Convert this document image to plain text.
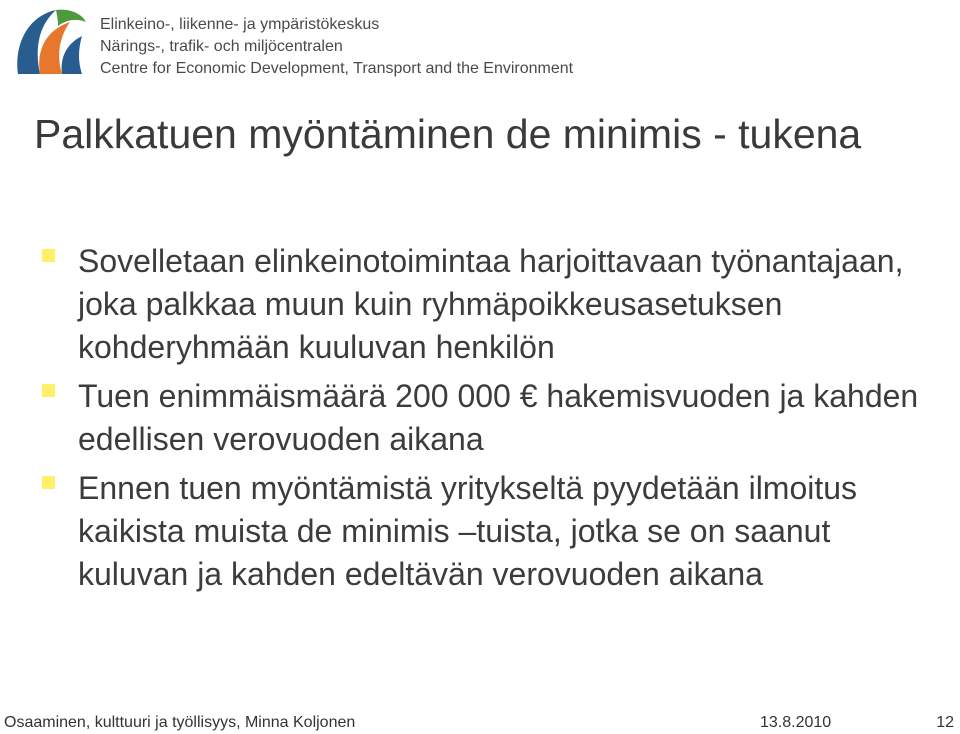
Elinkeino-, liikenne- ja ympäristökeskus
Närings-, trafik- och miljöcentralen
Centre for Economic Development, Transport and the Environment
Palkkatuen myöntäminen de minimis - tukena
Sovelletaan elinkeinotoimintaa harjoittavaan työnantajaan, joka palkkaa muun kuin ryhmäpoikkeusasetuksen kohderyhmään kuuluvan henkilön
Tuen enimmäismäärä 200 000 € hakemisvuoden ja kahden edellisen verovuoden aikana
Ennen tuen myöntämistä yritykseltä pyydetään ilmoitus kaikista muista de minimis –tuista, jotka se on saanut kuluvan ja kahden edeltävän verovuoden aikana
Osaaminen, kulttuuri ja työllisyys, Minna Koljonen	13.8.2010	12
